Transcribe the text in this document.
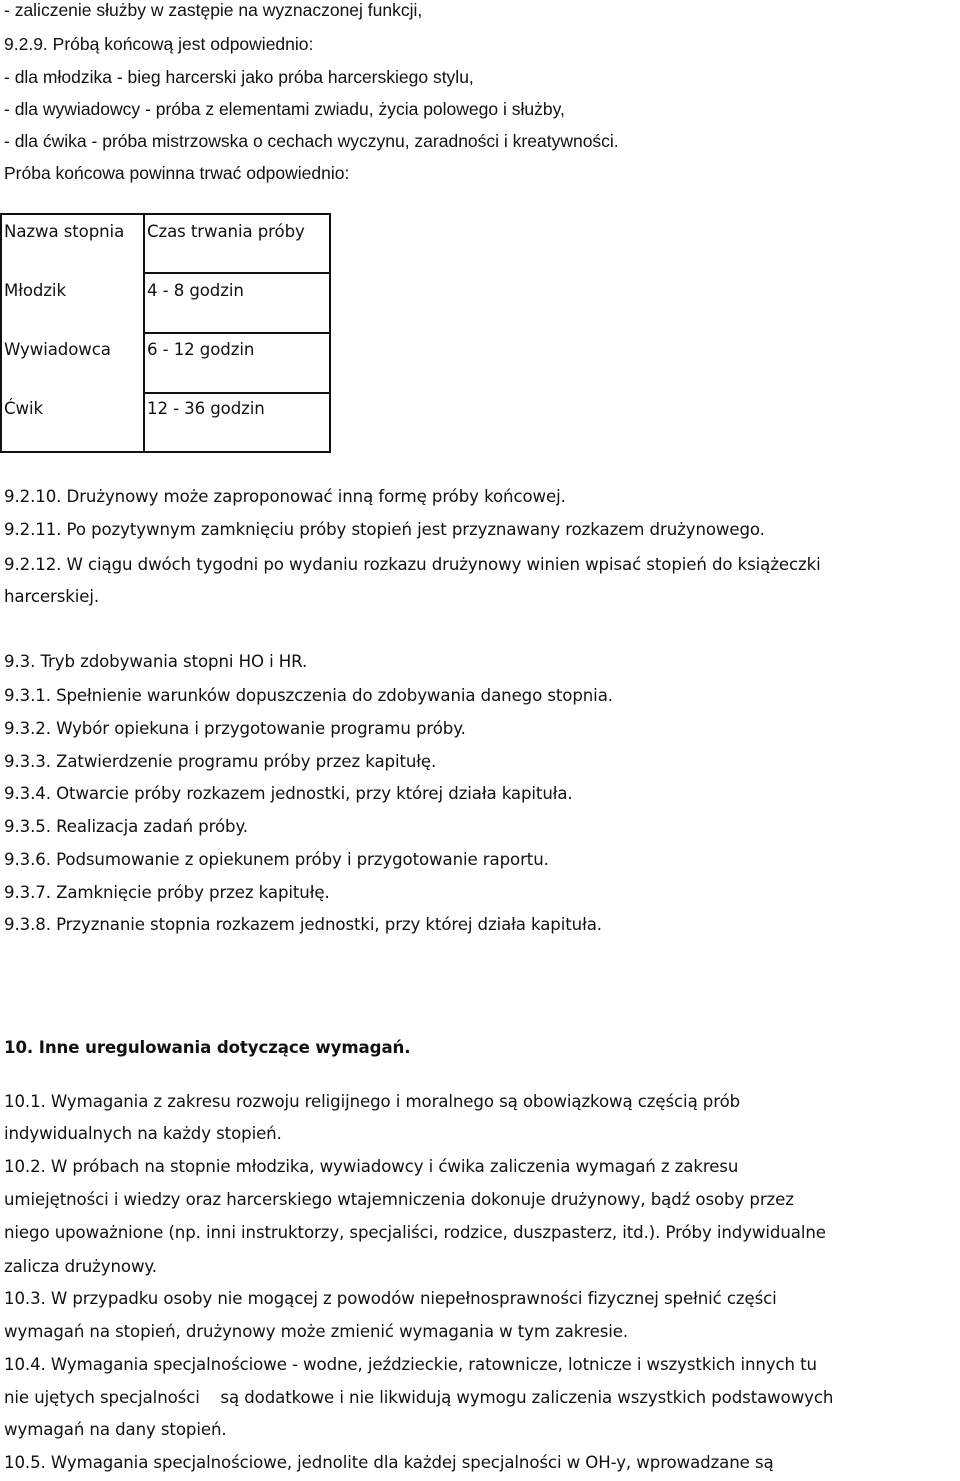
- zaliczenie służby w zastępie na wyznaczonej funkcji,
9.2.9. Próbą końcową jest odpowiednio:
- dla młodzika - bieg harcerski jako próba harcerskiego stylu,
- dla wywiadowcy - próba z elementami zwiadu, życia polowego i służby,
- dla ćwika - próba mistrzowska o cechach wyczynu, zaradności i kreatywności.
Próba końcowa powinna trwać odpowiednio:
Nazwa stopnia Czas trwania próby
Młodzik	4 - 8 godzin
Wywiadowca 6 - 12 godzin
Ćwik	12 - 36 godzin
9.2.10. Drużynowy może zaproponować inną formę próby końcowej.
9.2.11. Po pozytywnym zamknięciu próby stopień jest przyznawany rozkazem drużynowego.
9.2.12. W ciągu dwóch tygodni po wydaniu rozkazu drużynowy winien wpisać stopień do książeczki
harcerskiej.
9.3. Tryb zdobywania stopni HO i HR.
9.3.1. Spełnienie warunków dopuszczenia do zdobywania danego stopnia.
9.3.2. Wybór opiekuna i przygotowanie programu próby.
9.3.3. Zatwierdzenie programu próby przez kapitułę.
9.3.4. Otwarcie próby rozkazem jednostki, przy której działa kapituła.
9.3.5. Realizacja zadań próby.
9.3.6. Podsumowanie z opiekunem próby i przygotowanie raportu.
9.3.7. Zamknięcie próby przez kapitułę.
9.3.8. Przyznanie stopnia rozkazem jednostki, przy której działa kapituła.
10. Inne uregulowania dotyczące wymagań.
10.1. Wymagania z zakresu rozwoju religijnego i moralnego są obowiązkową częścią prób
indywidualnych na każdy stopień.
10.2. W próbach na stopnie młodzika, wywiadowcy i ćwika zaliczenia wymagań z zakresu
umiejętności i wiedzy oraz harcerskiego wtajemniczenia dokonuje drużynowy, bądź osoby przez
niego upoważnione (np. inni instruktorzy, specjaliści, rodzice, duszpasterz, itd.). Próby indywidualne
zalicza drużynowy.
10.3. W przypadku osoby nie mogącej z powodów niepełnosprawności fizycznej spełnić części
wymagań na stopień, drużynowy może zmienić wymagania w tym zakresie.
10.4. Wymagania specjalnościowe - wodne, jeździeckie, ratownicze, lotnicze i wszystkich innych tu
nie ujętych specjalności    są dodatkowe i nie likwidują wymogu zaliczenia wszystkich podstawowych
wymagań na dany stopień.
10.5. Wymagania specjalnościowe, jednolite dla każdej specjalności w OH-y, wprowadzane są
